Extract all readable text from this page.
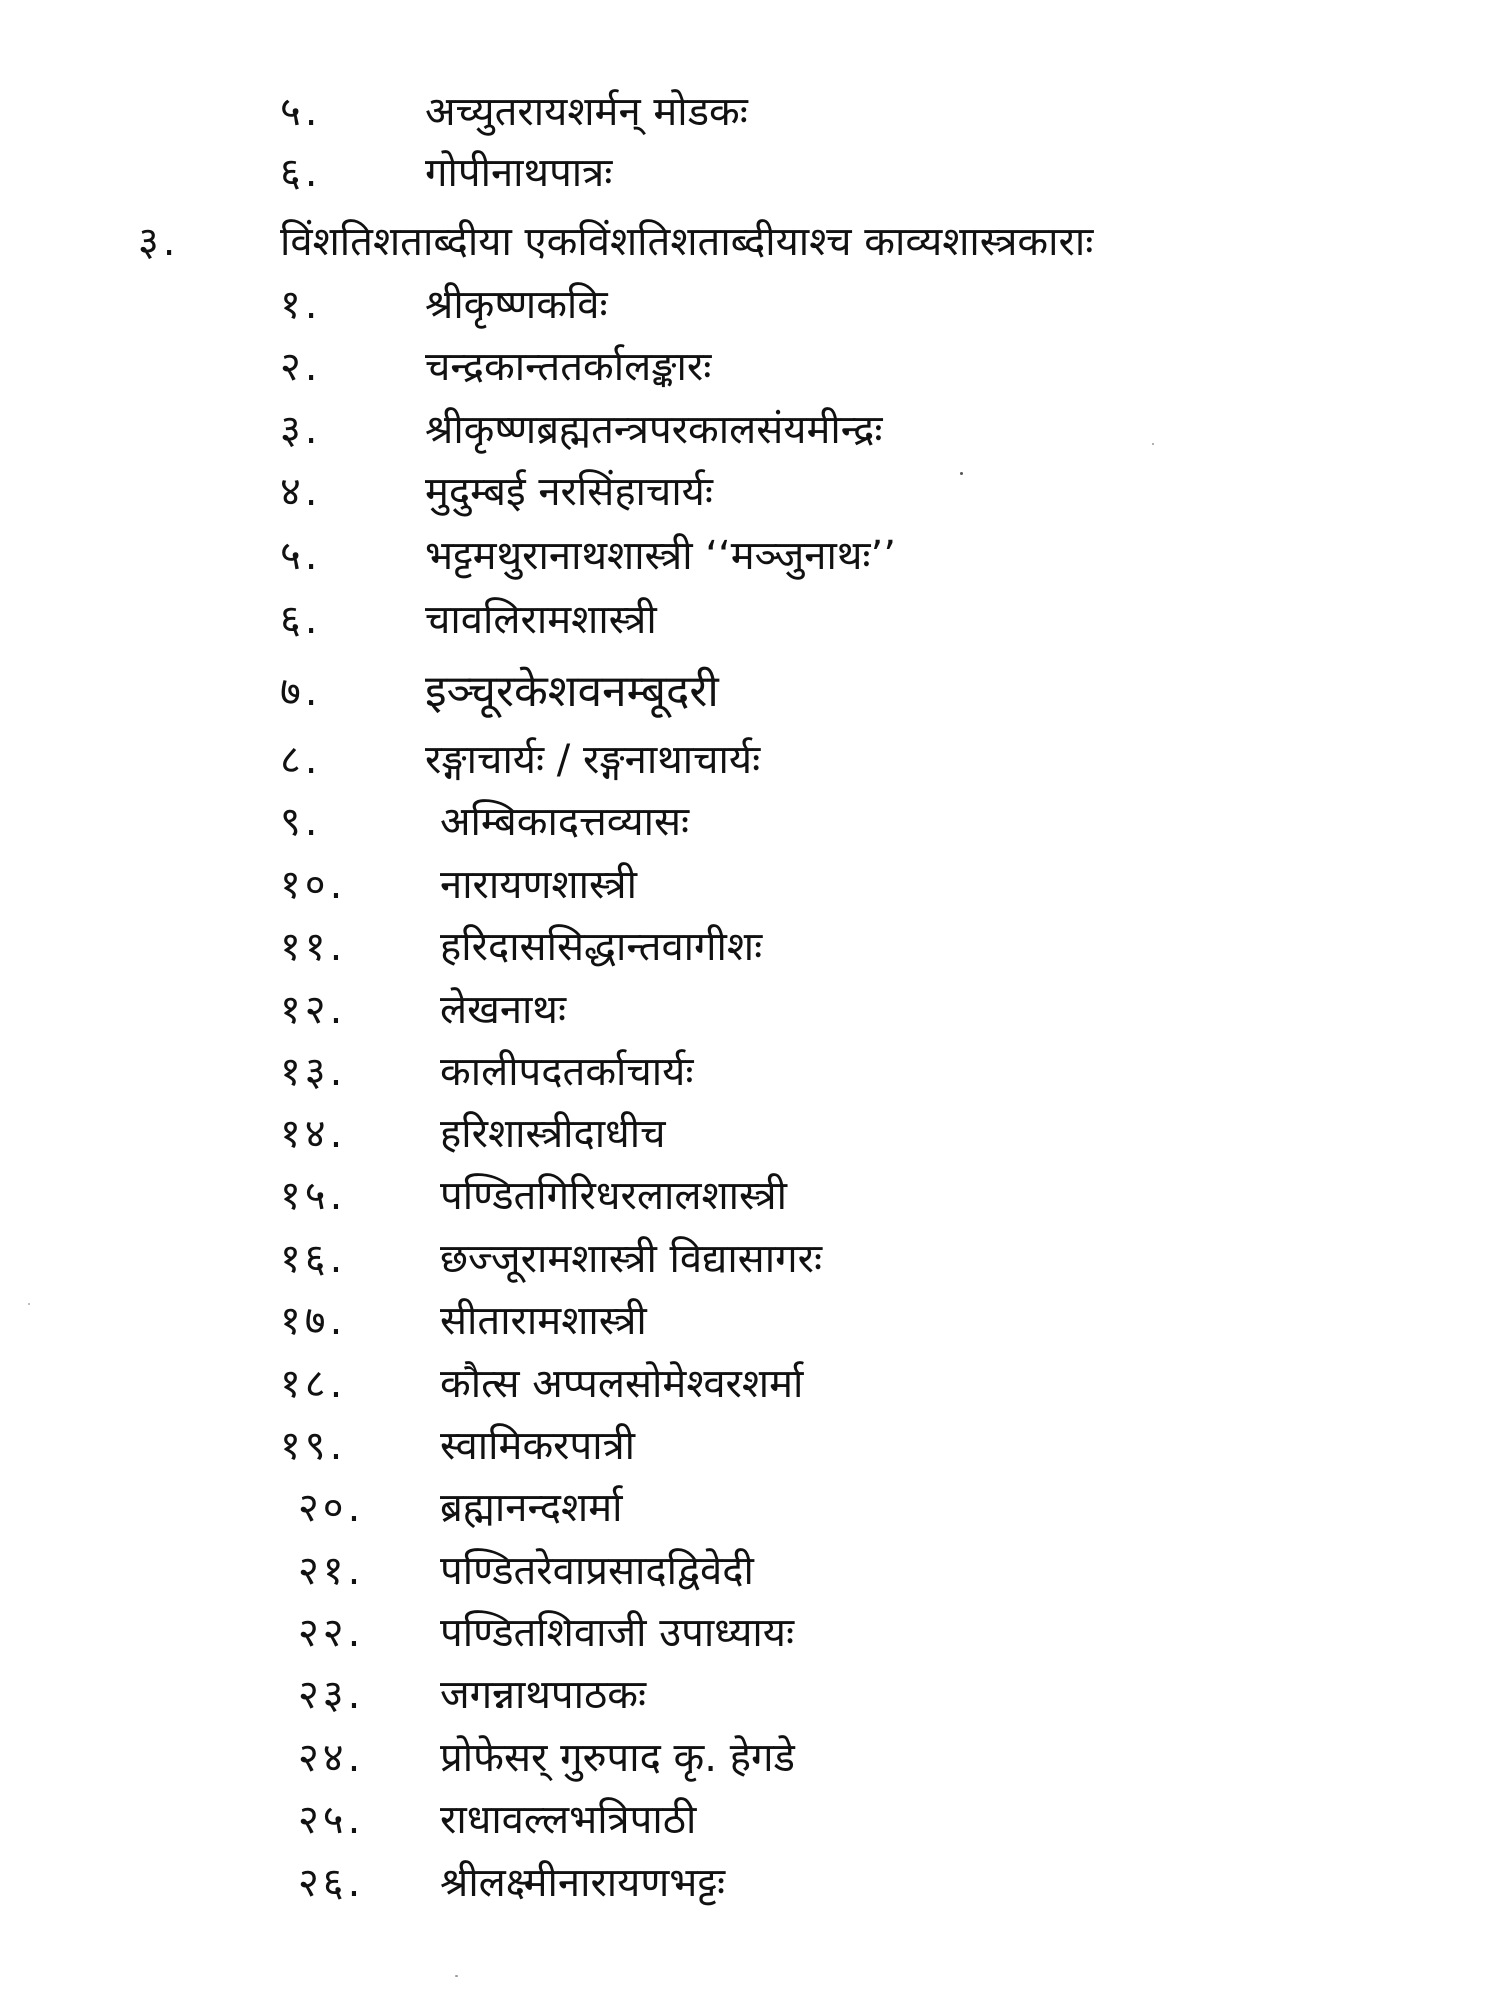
५.	अच्युतरायशर्मन् मोडकः
६.	गोपीनाथपात्रः
३.	विंशतिशताब्दीया एकविंशतिशताब्दीयाश्च काव्यशास्त्रकाराः
१.	श्रीकृष्णकविः
२.	चन्द्रकान्ततर्कालङ्कारः
३.	श्रीकृष्णब्रह्मतन्त्रपरकालसंयमीन्द्रः
४.	मुदुम्बई नरसिंहाचार्यः
५.	भट्टमथुरानाथशास्त्री ‘‘मञ्जुनाथः’’
६.	चावलिरामशास्त्री
७. इञ्चूरकेशवनम्बूदरी
८.	रङ्गाचार्यः / रङ्गनाथाचार्यः
९.	अम्बिकादत्तव्यासः
१०. नारायणशास्त्री
११. हरिदाससिद्धान्तवागीशः
१२. लेखनाथः
१३. कालीपदतर्काचार्यः
१४. हरिशास्त्रीदाधीच
१५. पण्डितगिरिधरलालशास्त्री
१६. छज्जूरामशास्त्री विद्यासागरः
१७. सीतारामशास्त्री
१८. कौत्स अप्पलसोमेश्वरशर्मा
१९. स्वामिकरपात्री
२०. ब्रह्मानन्दशर्मा
२१. पण्डितरेवाप्रसादद्विवेदी
२२. पण्डितशिवाजी उपाध्यायः
२३. जगन्नाथपाठकः
२४. प्रोफेसर् गुरुपाद कृ. हेगडे
२५. राधावल्लभत्रिपाठी
२६. श्रीलक्ष्मीनारायणभट्टः
